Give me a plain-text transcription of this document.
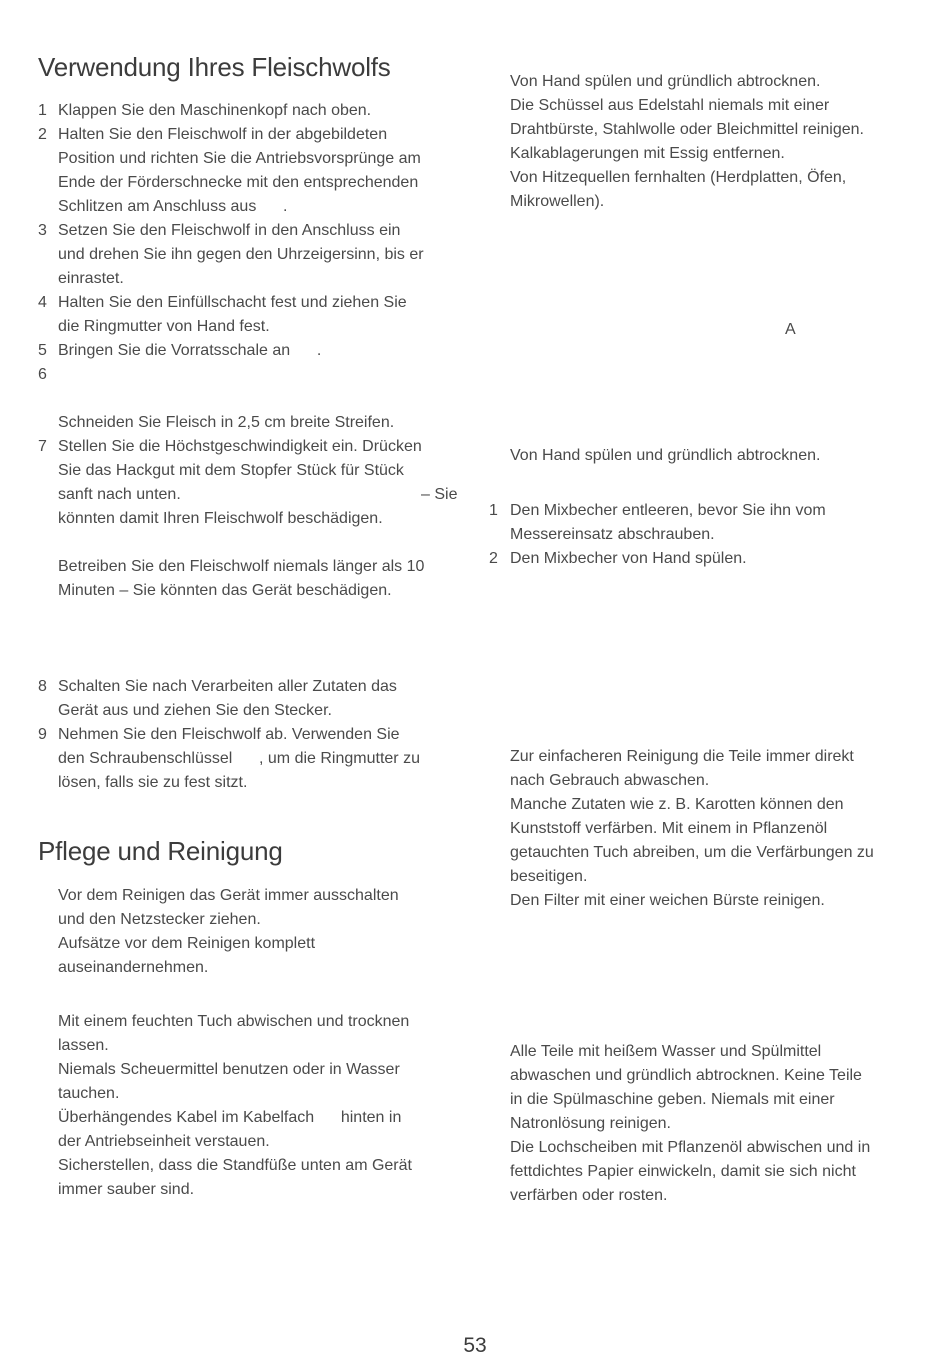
Verwendung Ihres Fleischwolfs
1 Klappen Sie den Maschinenkopf nach oben.
2 Halten Sie den Fleischwolf in der abgebildeten
Position und richten Sie die Antriebsvorsprünge am
Ende der Förderschnecke mit den entsprechenden
Schlitzen am Anschluss aus      .
3 Setzen Sie den Fleischwolf in den Anschluss ein
und drehen Sie ihn gegen den Uhrzeigersinn, bis er
einrastet.
4 Halten Sie den Einfüllschacht fest und ziehen Sie
die Ringmutter von Hand fest.
5 Bringen Sie die Vorratsschale an      .
6
Schneiden Sie Fleisch in 2,5 cm breite Streifen.
7 Stellen Sie die Höchstgeschwindigkeit ein. Drücken
Sie das Hackgut mit dem Stopfer Stück für Stück
sanft nach unten.	– Sie
könnten damit Ihren Fleischwolf beschädigen.
Betreiben Sie den Fleischwolf niemals länger als 10
Minuten – Sie könnten das Gerät beschädigen.
8 Schalten Sie nach Verarbeiten aller Zutaten das
Gerät aus und ziehen Sie den Stecker.
9 Nehmen Sie den Fleischwolf ab. Verwenden Sie
den Schraubenschlüssel      , um die Ringmutter zu
lösen, falls sie zu fest sitzt.
Pflege und Reinigung
Vor dem Reinigen das Gerät immer ausschalten
und den Netzstecker ziehen.
Aufsätze vor dem Reinigen komplett
auseinandernehmen.
Mit einem feuchten Tuch abwischen und trocknen
lassen.
Niemals Scheuermittel benutzen oder in Wasser
tauchen.
Überhängendes Kabel im Kabelfach      hinten in
der Antriebseinheit verstauen.
Sicherstellen, dass die Standfüße unten am Gerät
immer sauber sind.
Von Hand spülen und gründlich abtrocknen.
Die Schüssel aus Edelstahl niemals mit einer
Drahtbürste, Stahlwolle oder Bleichmittel reinigen.
Kalkablagerungen mit Essig entfernen.
Von Hitzequellen fernhalten (Herdplatten, Öfen,
Mikrowellen).
A
Von Hand spülen und gründlich abtrocknen.
1 Den Mixbecher entleeren, bevor Sie ihn vom
Messereinsatz abschrauben.
2 Den Mixbecher von Hand spülen.
Zur einfacheren Reinigung die Teile immer direkt
nach Gebrauch abwaschen.
Manche Zutaten wie z. B. Karotten können den
Kunststoff verfärben. Mit einem in Pflanzenöl
getauchten Tuch abreiben, um die Verfärbungen zu
beseitigen.
Den Filter mit einer weichen Bürste reinigen.
Alle Teile mit heißem Wasser und Spülmittel
abwaschen und gründlich abtrocknen. Keine Teile
in die Spülmaschine geben. Niemals mit einer
Natronlösung reinigen.
Die Lochscheiben mit Pflanzenöl abwischen und in
fettdichtes Papier einwickeln, damit sie sich nicht
verfärben oder rosten.
53
